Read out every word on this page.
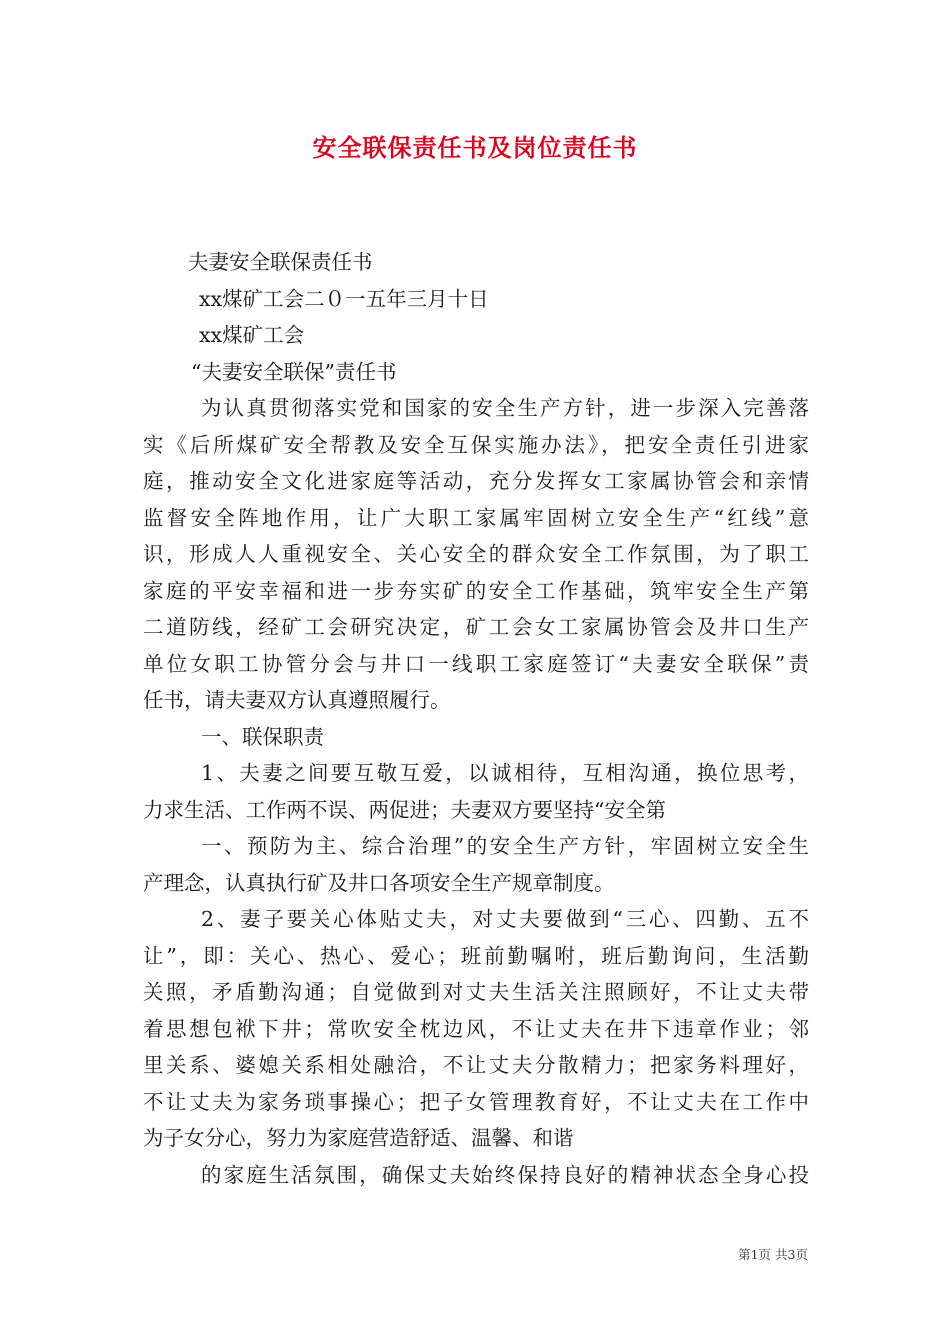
安全联保责任书及岗位责任书
夫妻安全联保责任书
xx煤矿工会二０一五年三月十日
xx煤矿工会
“夫妻安全联保”责任书
为认真贯彻落实党和国家的安全生产方针，进一步深入完善落
实《后所煤矿安全帮教及安全互保实施办法》，把安全责任引进家
庭，推动安全文化进家庭等活动，充分发挥女工家属协管会和亲情
监督安全阵地作用，让广大职工家属牢固树立安全生产“红线”意
识，形成人人重视安全、关心安全的群众安全工作氛围，为了职工
家庭的平安幸福和进一步夯实矿的安全工作基础，筑牢安全生产第
二道防线，经矿工会研究决定，矿工会女工家属协管会及井口生产
单位女职工协管分会与井口一线职工家庭签订“夫妻安全联保”责
任书，请夫妻双方认真遵照履行。
一、联保职责
1、夫妻之间要互敬互爱，以诚相待，互相沟通，换位思考，
力求生活、工作两不误、两促进；夫妻双方要坚持“安全第
一、预防为主、综合治理”的安全生产方针，牢固树立安全生
产理念，认真执行矿及井口各项安全生产规章制度。
2、妻子要关心体贴丈夫，对丈夫要做到“三心、四勤、五不
让”，即：关心、热心、爱心；班前勤嘱咐，班后勤询问，生活勤
关照，矛盾勤沟通；自觉做到对丈夫生活关注照顾好，不让丈夫带
着思想包袱下井；常吹安全枕边风，不让丈夫在井下违章作业；邻
里关系、婆媳关系相处融洽，不让丈夫分散精力；把家务料理好，
不让丈夫为家务琐事操心；把子女管理教育好，不让丈夫在工作中
为子女分心，努力为家庭营造舒适、温馨、和谐
的家庭生活氛围，确保丈夫始终保持良好的精神状态全身心投
第1页 共3页
